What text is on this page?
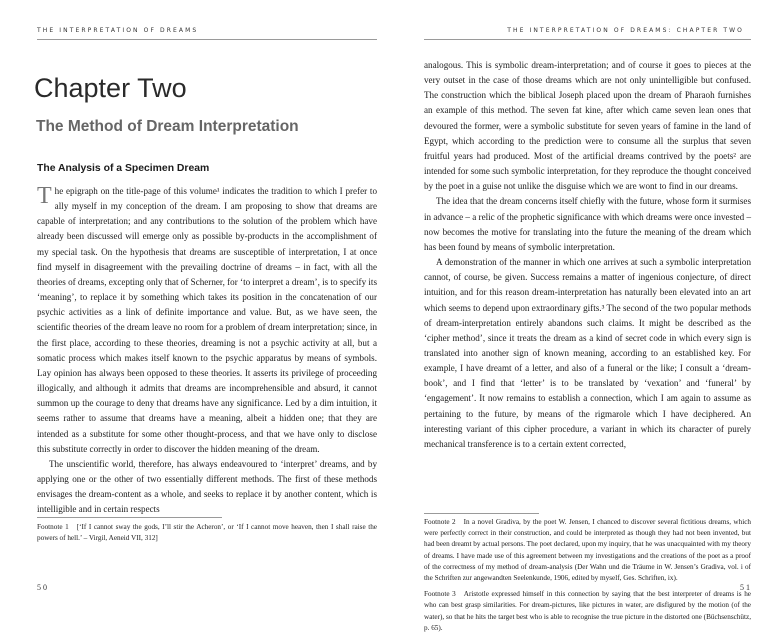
THE INTERPRETATION OF DREAMS
Chapter Two
The Method of Dream Interpretation
The Analysis of a Specimen Dream

The epigraph on the title-page of this volume¹ indicates the tradition to which I prefer to ally myself in my conception of the dream. I am proposing to show that dreams are capable of interpretation; and any contributions to the solution of the problem which have already been discussed will emerge only as possible by-products in the accomplishment of my special task. On the hypothesis that dreams are susceptible of interpretation, I at once find myself in disagreement with the prevailing doctrine of dreams – in fact, with all the theories of dreams, excepting only that of Scherner, for ‘to interpret a dream’, is to specify its ‘meaning’, to replace it by something which takes its position in the concatenation of our psychic activities as a link of definite importance and value. But, as we have seen, the scientific theories of the dream leave no room for a problem of dream interpretation; since, in the first place, according to these theories, dreaming is not a psychic activity at all, but a somatic process which makes itself known to the psychic apparatus by means of symbols. Lay opinion has always been opposed to these theories. It asserts its privilege of proceeding illogically, and although it admits that dreams are incomprehensible and absurd, it cannot summon up the courage to deny that dreams have any significance. Led by a dim intuition, it seems rather to assume that dreams have a meaning, albeit a hidden one; that they are intended as a substitute for some other thought-process, and that we have only to disclose this substitute correctly in order to discover the hidden meaning of the dream.

The unscientific world, therefore, has always endeavoured to ‘interpret’ dreams, and by applying one or the other of two essentially different methods. The first of these methods envisages the dream-content as a whole, and seeks to replace it by another content, which is intelligible and in certain respects

Footnote 1 [‘If I cannot sway the gods, I’ll stir the Acheron’, or ‘If I cannot move heaven, then I shall raise the powers of hell.’ – Virgil, Aeneid VII, 312]
50
THE INTERPRETATION OF DREAMS: CHAPTER TWO

analogous. This is symbolic dream-interpretation; and of course it goes to pieces at the very outset in the case of those dreams which are not only unintelligible but confused. The construction which the biblical Joseph placed upon the dream of Pharaoh furnishes an example of this method. The seven fat kine, after which came seven lean ones that devoured the former, were a symbolic substitute for seven years of famine in the land of Egypt, which according to the prediction were to consume all the surplus that seven fruitful years had produced. Most of the artificial dreams contrived by the poets² are intended for some such symbolic interpretation, for they reproduce the thought conceived by the poet in a guise not unlike the disguise which we are wont to find in our dreams.

The idea that the dream concerns itself chiefly with the future, whose form it surmises in advance – a relic of the prophetic significance with which dreams were once invested – now becomes the motive for translating into the future the meaning of the dream which has been found by means of symbolic interpretation.

A demonstration of the manner in which one arrives at such a symbolic interpretation cannot, of course, be given. Success remains a matter of ingenious conjecture, of direct intuition, and for this reason dream-interpretation has naturally been elevated into an art which seems to depend upon extraordinary gifts.³ The second of the two popular methods of dream-interpretation entirely abandons such claims. It might be described as the ‘cipher method’, since it treats the dream as a kind of secret code in which every sign is translated into another sign of known meaning, according to an established key. For example, I have dreamt of a letter, and also of a funeral or the like; I consult a ‘dream-book’, and I find that ‘letter’ is to be translated by ‘vexation’ and ‘funeral’ by ‘engagement’. It now remains to establish a connection, which I am again to assume as pertaining to the future, by means of the rigmarole which I have deciphered. An interesting variant of this cipher procedure, a variant in which its character of purely mechanical transference is to a certain extent corrected,

Footnote 2 In a novel Gradiva, by the poet W. Jensen, I chanced to discover several fictitious dreams, which were perfectly correct in their construction, and could be interpreted as though they had not been invented, but had been dreamt by actual persons. The poet declared, upon my inquiry, that he was unacquainted with my theory of dreams. I have made use of this agreement between my investigations and the creations of the poet as a proof of the correctness of my method of dream-analysis (Der Wahn und die Träume in W. Jensen’s Gradiva, vol. i of the Schriften zur angewandten Seelenkunde, 1906, edited by myself, Ges. Schriften, ix).
Footnote 3 Aristotle expressed himself in this connection by saying that the best interpreter of dreams is he who can best grasp similarities. For dream-pictures, like pictures in water, are disfigured by the motion (of the water), so that he hits the target best who is able to recognise the true picture in the distorted one (Büchsenschütz, p. 65).
51
